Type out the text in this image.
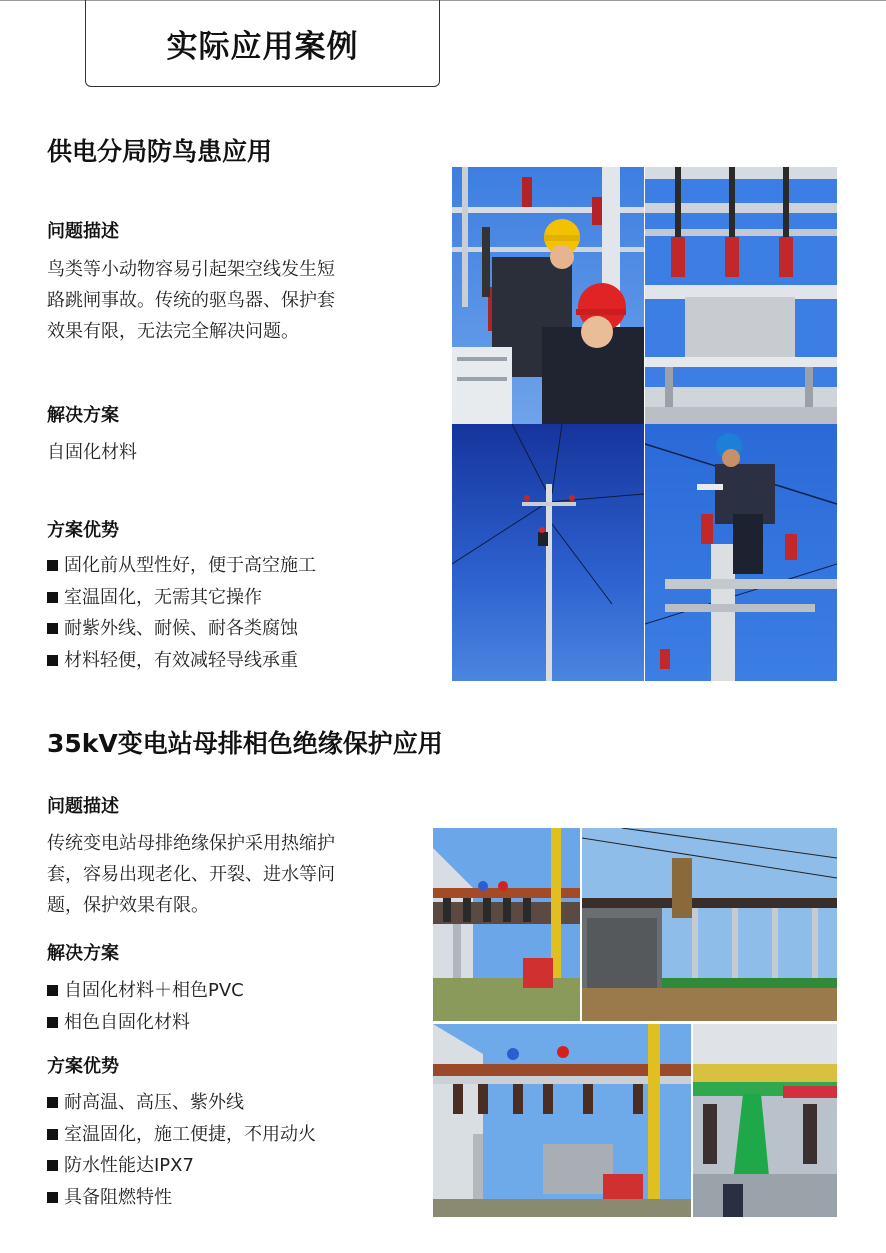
实际应用案例
供电分局防鸟患应用
问题描述
鸟类等小动物容易引起架空线发生短
路跳闸事故。传统的驱鸟器、保护套
效果有限，无法完全解决问题。
解决方案
自固化材料
方案优势
固化前从型性好，便于高空施工
室温固化，无需其它操作
耐紫外线、耐候、耐各类腐蚀
材料轻便，有效减轻导线承重
35kV变电站母排相色绝缘保护应用
问题描述
传统变电站母排绝缘保护采用热缩护
套，容易出现老化、开裂、进水等问
题，保护效果有限。
解决方案
自固化材料＋相色PVC
相色自固化材料
方案优势
耐高温、高压、紫外线
室温固化，施工便捷，不用动火
防水性能达IPX7
具备阻燃特性
